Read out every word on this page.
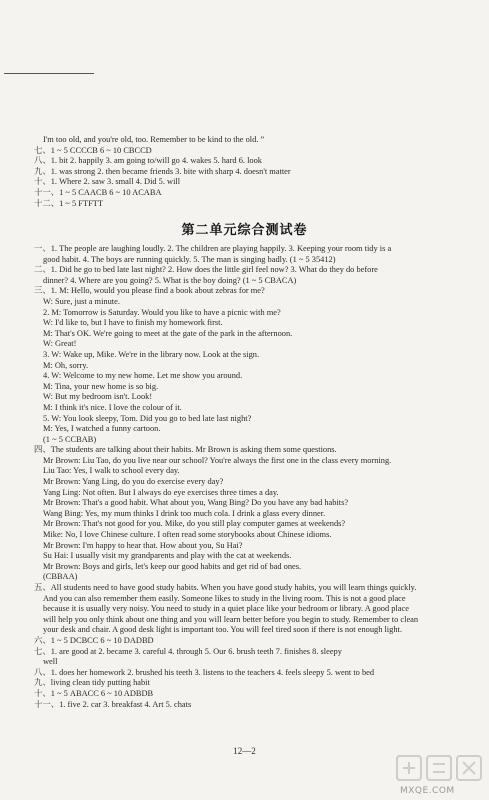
I'm too old, and you're old, too. Remember to be kind to the old. ”
七、1 ~ 5 CCCCB 6 ~ 10 CBCCD
八、1. bit 2. happily 3. am going to/will go 4. wakes 5. hard 6. look
九、1. was strong 2. then became friends 3. bite with sharp 4. doesn't matter
十、1. Where 2. saw 3. small 4. Did 5. will
十一、1 ~ 5 CAACB 6 ~ 10 ACABA
十二、1 ~ 5 FTFTT
第二单元综合测试卷
一、1. The people are laughing loudly. 2. The children are playing happily. 3. Keeping your room tidy is a
good habit. 4. The boys are running quickly. 5. The man is singing badly. (1 ~ 5 35412)
二、1. Did he go to bed late last night? 2. How does the little girl feel now? 3. What do they do before
dinner? 4. Where are you going? 5. What is the boy doing? (1 ~ 5 CBACA)
三、1. M: Hello, would you please find a book about zebras for me?
W: Sure, just a minute.
2. M: Tomorrow is Saturday. Would you like to have a picnic with me?
W: I'd like to, but I have to finish my homework first.
M: That's OK. We're going to meet at the gate of the park in the afternoon.
W: Great!
3. W: Wake up, Mike. We're in the library now. Look at the sign.
M: Oh, sorry.
4. W: Welcome to my new home. Let me show you around.
M: Tina, your new home is so big.
W: But my bedroom isn't. Look!
M: I think it's nice. I love the colour of it.
5. W: You look sleepy, Tom. Did you go to bed late last night?
M: Yes, I watched a funny cartoon.
(1 ~ 5 CCBAB)
四、The students are talking about their habits. Mr Brown is asking them some questions.
Mr Brown: Liu Tao, do you live near our school? You're always the first one in the class every morning.
Liu Tao: Yes, I walk to school every day.
Mr Brown: Yang Ling, do you do exercise every day?
Yang Ling: Not often. But I always do eye exercises three times a day.
Mr Brown: That's a good habit. What about you, Wang Bing? Do you have any bad habits?
Wang Bing: Yes, my mum thinks I drink too much cola. I drink a glass every dinner.
Mr Brown: That's not good for you. Mike, do you still play computer games at weekends?
Mike: No, I love Chinese culture. I often read some storybooks about Chinese idioms.
Mr Brown: I'm happy to hear that. How about you, Su Hai?
Su Hai: I usually visit my grandparents and play with the cat at weekends.
Mr Brown: Boys and girls, let's keep our good habits and get rid of bad ones.
(CBBAA)
五、All students need to have good study habits. When you have good study habits, you will learn things quickly.
And you can also remember them easily. Someone likes to study in the living room. This is not a good place
because it is usually very noisy. You need to study in a quiet place like your bedroom or library. A good place
will help you only think about one thing and you will learn better before you begin to study. Remember to clean
your desk and chair. A good desk light is important too. You will feel tired soon if there is not enough light.
六、1 ~ 5 DCBCC 6 ~ 10 DADBD
七、1. are good at 2. became 3. careful 4. through 5. Our 6. brush teeth 7. finishes 8. sleepy
well
八、1. does her homework 2. brushed his teeth 3. listens to the teachers 4. feels sleepy 5. went to bed
九、living clean tidy putting habit
十、1 ~ 5 ABACC 6 ~ 10 ADBDB
十一、1. five 2. car 3. breakfast 4. Art 5. chats
12—2
MXQE.COM
